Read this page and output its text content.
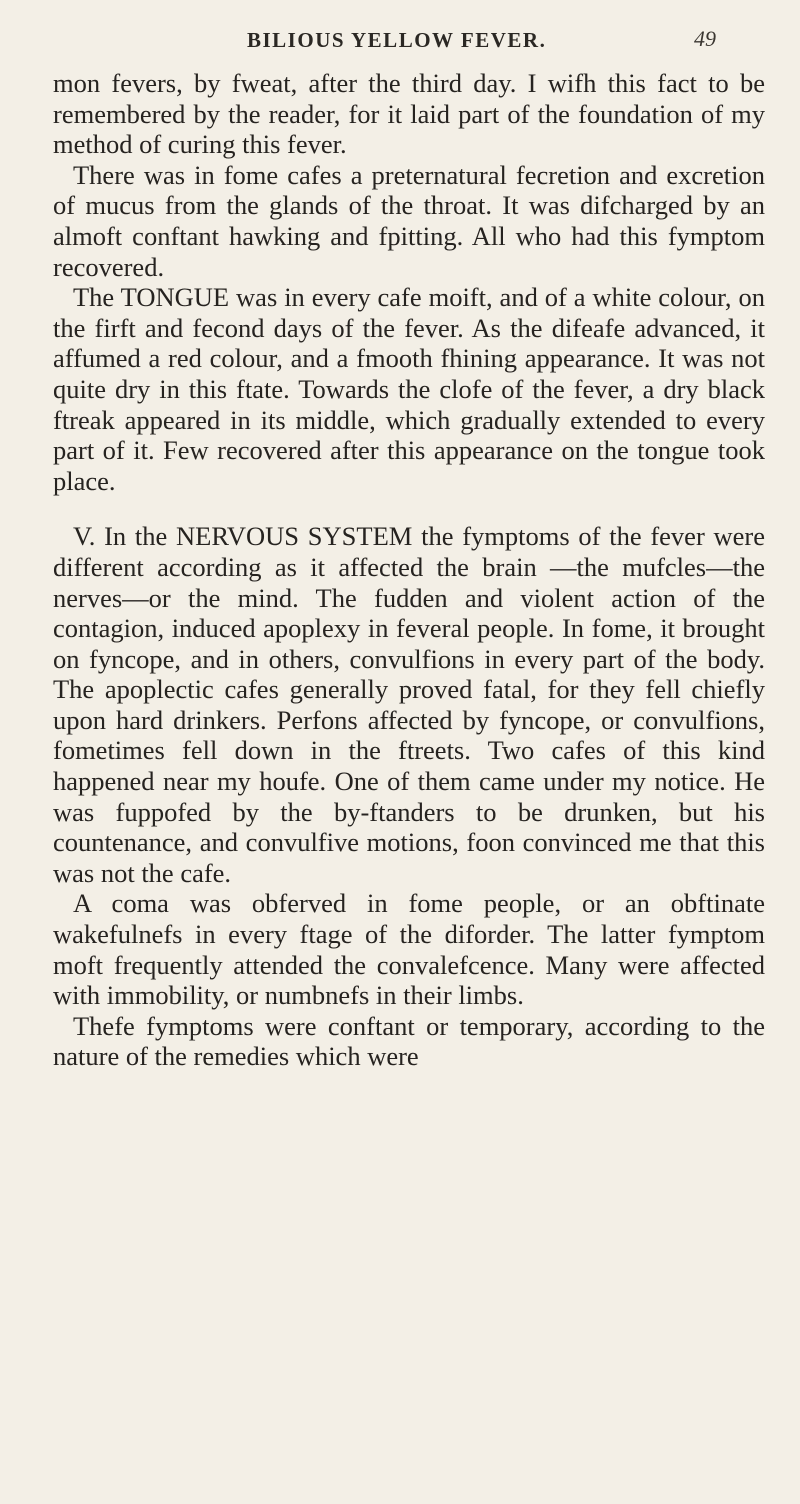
BILIOUS YELLOW FEVER.	49

mon fevers, by fweat, after the third day. I wifh this fact to be remembered by the reader, for it laid part of the foundation of my method of curing this fever.

There was in fome cafes a preternatural fecretion and excretion of mucus from the glands of the throat. It was difcharged by an almoft conftant hawking and fpitting. All who had this fymptom recovered.

The TONGUE was in every cafe moift, and of a white colour, on the firft and fecond days of the fever. As the difeafe advanced, it affumed a red colour, and a fmooth fhining appearance. It was not quite dry in this ftate. Towards the clofe of the fever, a dry black ftreak appeared in its middle, which gradually extended to every part of it. Few recovered after this appearance on the tongue took place.

V. In the NERVOUS SYSTEM the fymptoms of the fever were different according as it affected the brain —the mufcles—the nerves—or the mind. The fudden and violent action of the contagion, induced apoplexy in feveral people. In fome, it brought on fyncope, and in others, convulfions in every part of the body. The apoplectic cafes generally proved fatal, for they fell chiefly upon hard drinkers. Perfons affected by fyncope, or convulfions, fometimes fell down in the ftreets. Two cafes of this kind happened near my houfe. One of them came under my notice. He was fuppofed by the by-ftanders to be drunken, but his countenance, and convulfive motions, foon convinced me that this was not the cafe.

A coma was obferved in fome people, or an obftinate wakefulnefs in every ftage of the diforder. The latter fymptom moft frequently attended the convalefcence. Many were affected with immobility, or numbnefs in their limbs.

Thefe fymptoms were conftant or temporary, according to the nature of the remedies which were
